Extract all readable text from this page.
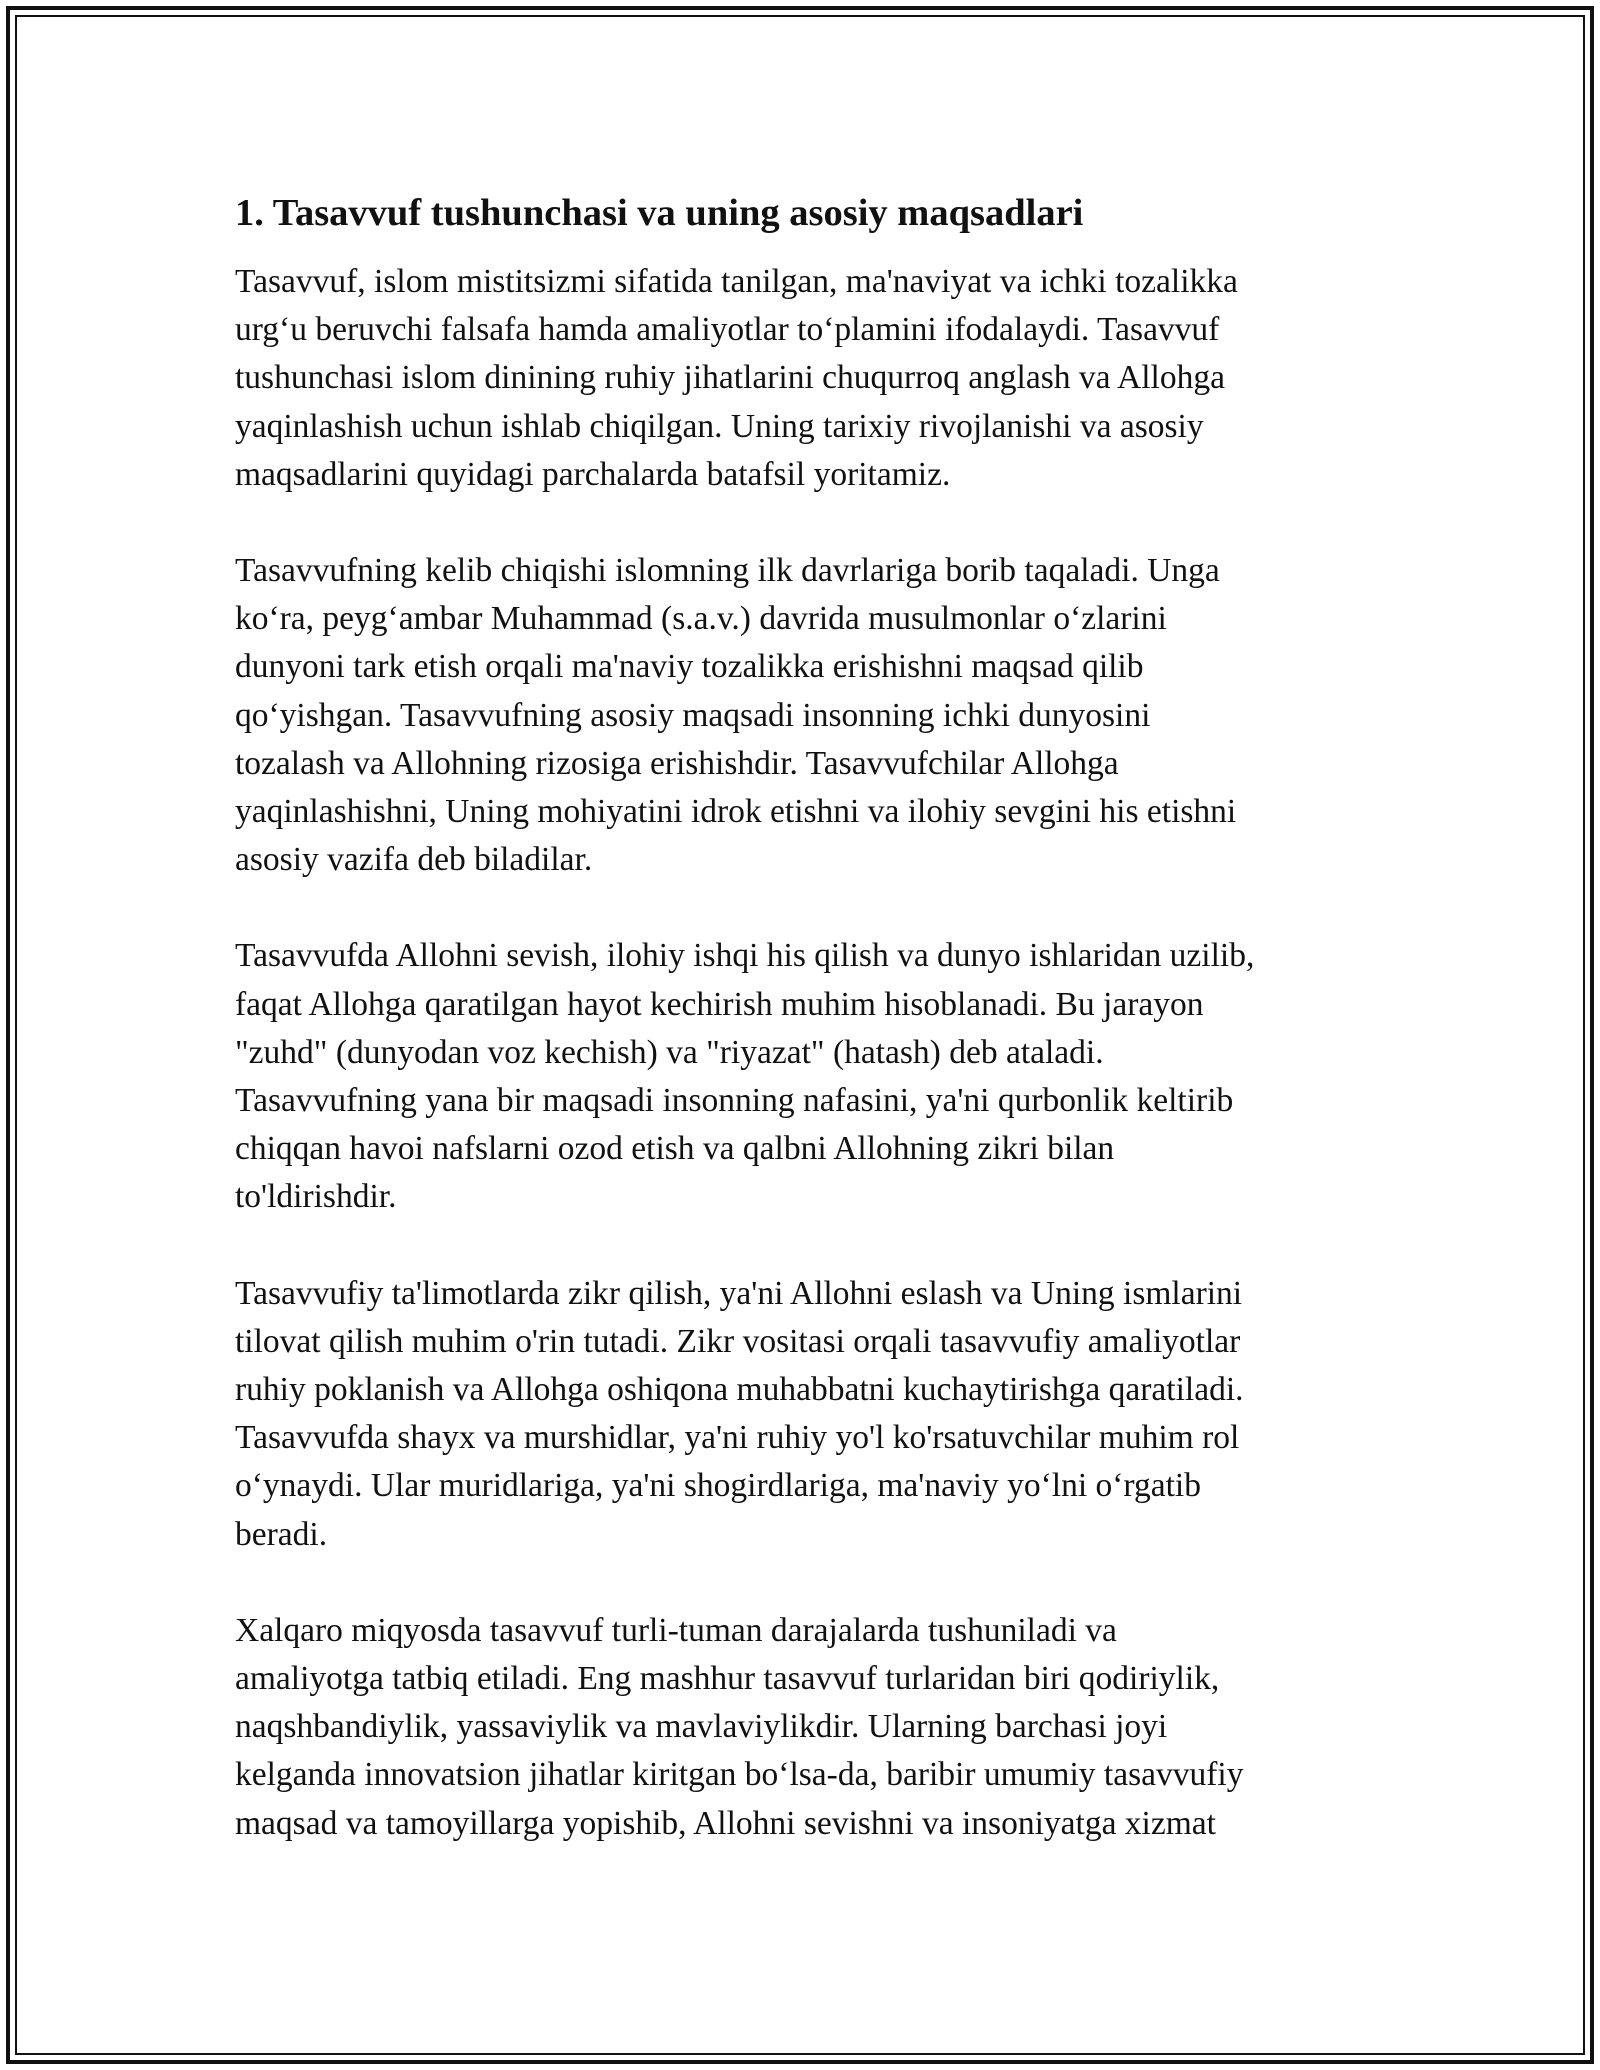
1. Tasavvuf tushunchasi va uning asosiy maqsadlari

Tasavvuf, islom mistitsizmi sifatida tanilgan, ma'naviyat va ichki tozalikka
urg‘u beruvchi falsafa hamda amaliyotlar to‘plamini ifodalaydi. Tasavvuf
tushunchasi islom dinining ruhiy jihatlarini chuqurroq anglash va Allohga
yaqinlashish uchun ishlab chiqilgan. Uning tarixiy rivojlanishi va asosiy
maqsadlarini quyidagi parchalarda batafsil yoritamiz.

Tasavvufning kelib chiqishi islomning ilk davrlariga borib taqaladi. Unga
ko‘ra, peyg‘ambar Muhammad (s.a.v.) davrida musulmonlar o‘zlarini
dunyoni tark etish orqali ma'naviy tozalikka erishishni maqsad qilib
qo‘yishgan. Tasavvufning asosiy maqsadi insonning ichki dunyosini
tozalash va Allohning rizosiga erishishdir. Tasavvufchilar Allohga
yaqinlashishni, Uning mohiyatini idrok etishni va ilohiy sevgini his etishni
asosiy vazifa deb biladilar.

Tasavvufda Allohni sevish, ilohiy ishqi his qilish va dunyo ishlaridan uzilib,
faqat Allohga qaratilgan hayot kechirish muhim hisoblanadi. Bu jarayon
"zuhd" (dunyodan voz kechish) va "riyazat" (hatash) deb ataladi.
Tasavvufning yana bir maqsadi insonning nafasini, ya'ni qurbonlik keltirib
chiqqan havoi nafslarni ozod etish va qalbni Allohning zikri bilan
to'ldirishdir.

Tasavvufiy ta'limotlarda zikr qilish, ya'ni Allohni eslash va Uning ismlarini
tilovat qilish muhim o'rin tutadi. Zikr vositasi orqali tasavvufiy amaliyotlar
ruhiy poklanish va Allohga oshiqona muhabbatni kuchaytirishga qaratiladi.
Tasavvufda shayx va murshidlar, ya'ni ruhiy yo'l ko'rsatuvchilar muhim rol
o‘ynaydi. Ular muridlariga, ya'ni shogirdlariga, ma'naviy yo‘lni o‘rgatib
beradi.

Xalqaro miqyosda tasavvuf turli-tuman darajalarda tushuniladi va
amaliyotga tatbiq etiladi. Eng mashhur tasavvuf turlaridan biri qodiriylik,
naqshbandiylik, yassaviylik va mavlaviylikdir. Ularning barchasi joyi
kelganda innovatsion jihatlar kiritgan bo‘lsa-da, baribir umumiy tasavvufiy
maqsad va tamoyillarga yopishib, Allohni sevishni va insoniyatga xizmat
